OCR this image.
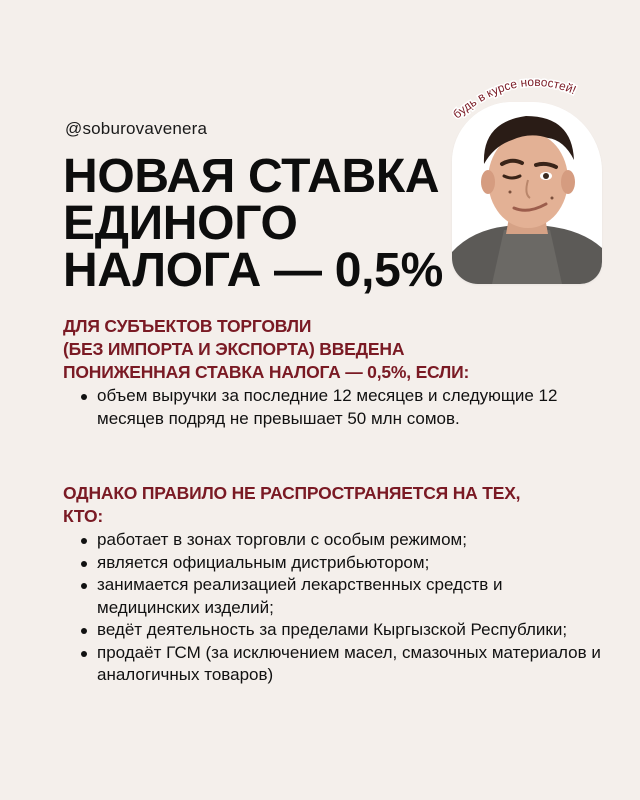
@soburovavenera
НОВАЯ СТАВКА
ЕДИНОГО
НАЛОГА — 0,5%
будь в курсе новостей!
ДЛЯ СУБЪЕКТОВ ТОРГОВЛИ
(БЕЗ ИМПОРТА И ЭКСПОРТА) ВВЕДЕНА
ПОНИЖЕННАЯ СТАВКА НАЛОГА — 0,5%, ЕСЛИ:
объем выручки за последние 12 месяцев и следующие 12 месяцев подряд не превышает 50 млн сомов.
ОДНАКО ПРАВИЛО НЕ РАСПРОСТРАНЯЕТСЯ НА ТЕХ,
КТО:
работает в зонах торговли с особым режимом;
является официальным дистрибьютором;
занимается реализацией лекарственных средств и медицинских изделий;
ведёт деятельность за пределами Кыргызской Республики;
продаёт ГСМ (за исключением масел, смазочных материалов и аналогичных товаров)
